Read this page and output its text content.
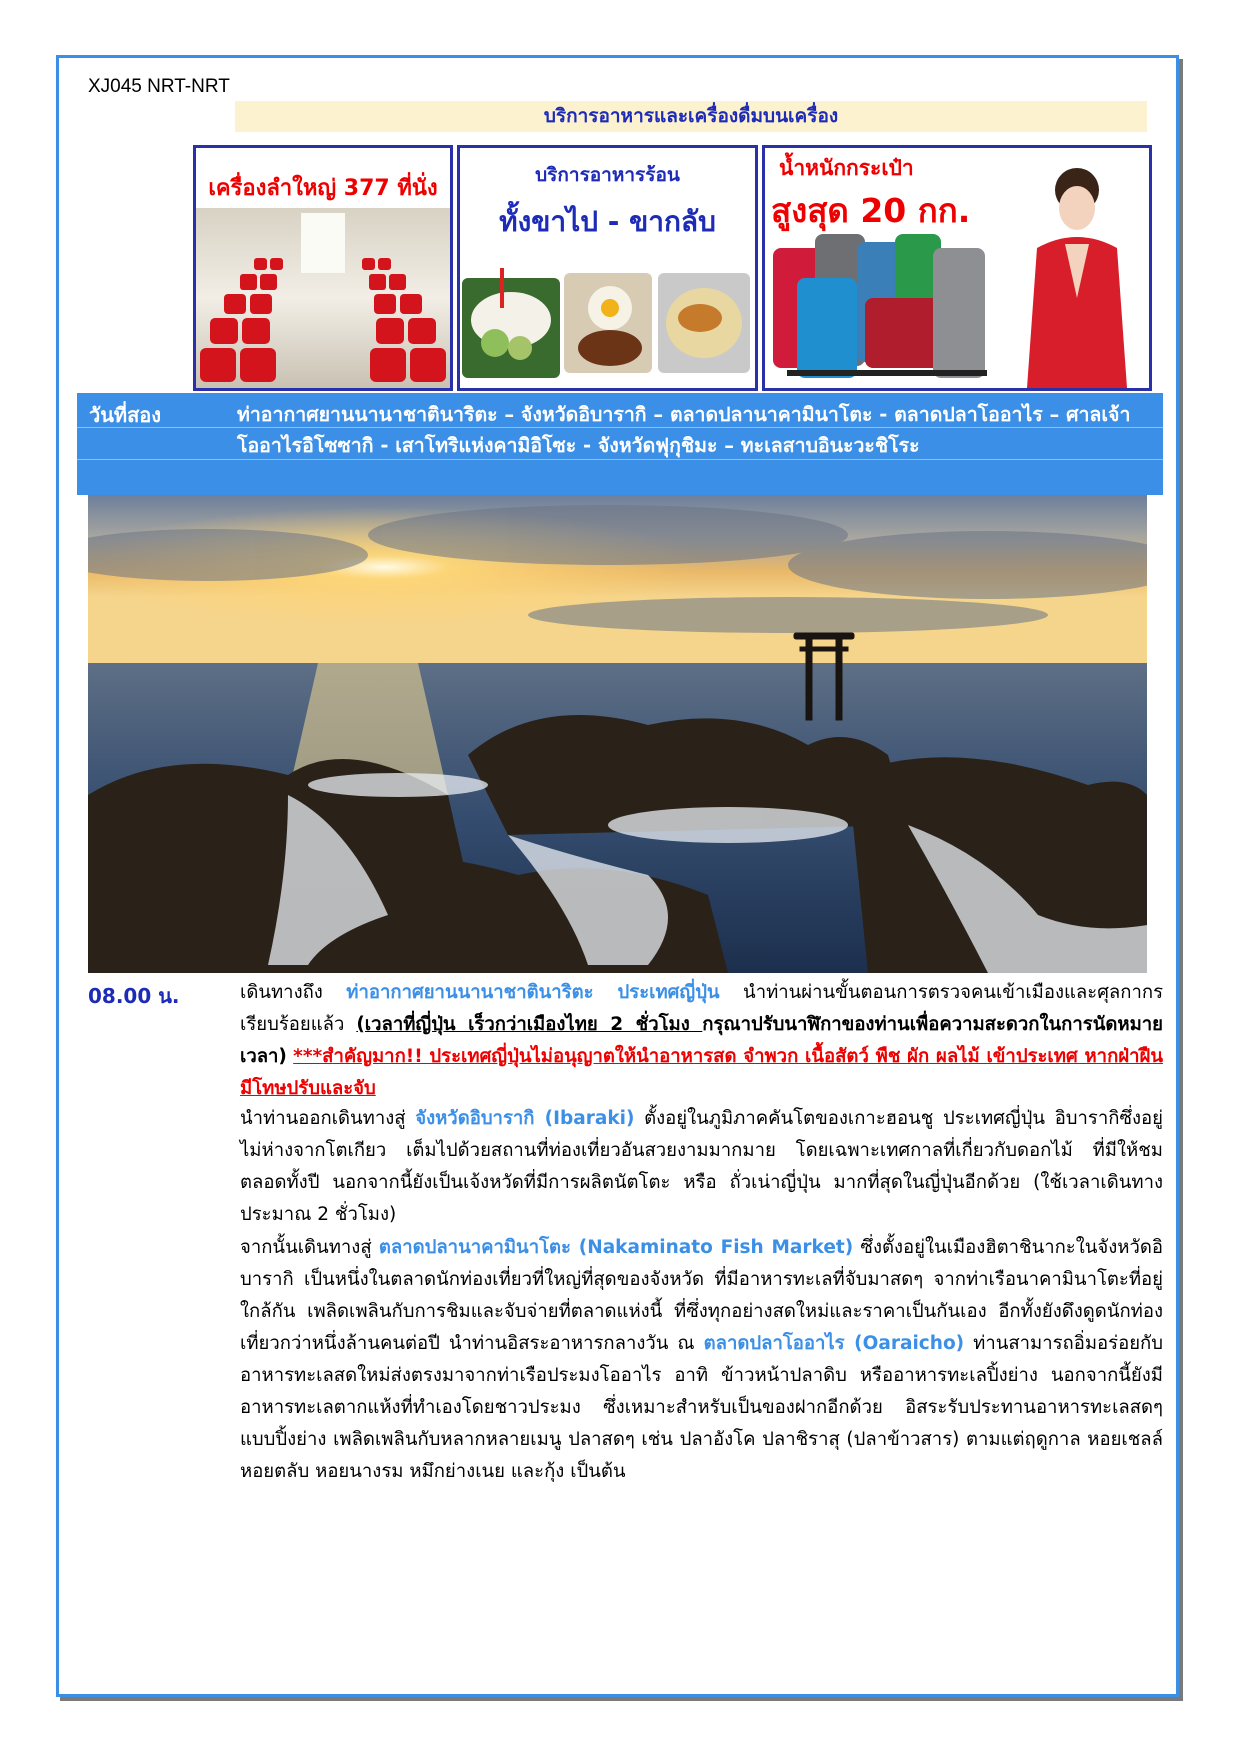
XJ045 NRT-NRT
บริการอาหารและเครื่องดื่มบนเครื่อง
เครื่องลำใหญ่ 377 ที่นั่ง
บริการอาหารร้อน
ทั้งขาไป - ขากลับ
น้ำหนักกระเป๋า
สูงสุด 20 กก.
วันที่สอง	ท่าอากาศยานนานาชาตินาริตะ – จังหวัดอิบารากิ – ตลาดปลานาคามินาโตะ - ตลาดปลาโออาไร – ศาลเจ้าโออาไรอิโซซากิ - เสาโทริแห่งคามิอิโซะ - จังหวัดฟุกุชิมะ – ทะเลสาบอินะวะชิโระ
08.00 น.	เดินทางถึง ท่าอากาศยานนานาชาตินาริตะ ประเทศญี่ปุ่น นำท่านผ่านขั้นตอนการตรวจคนเข้าเมืองและศุลกากร เรียบร้อยแล้ว (เวลาที่ญี่ปุ่น เร็วกว่าเมืองไทย 2 ชั่วโมง กรุณาปรับนาฬิกาของท่านเพื่อความสะดวกในการนัดหมายเวลา) ***สำคัญมาก!! ประเทศญี่ปุ่นไม่อนุญาตให้นำอาหารสด จำพวก เนื้อสัตว์ พืช ผัก ผลไม้ เข้าประเทศ หากฝ่าฝืนมีโทษปรับและจับ
นำท่านออกเดินทางสู่ จังหวัดอิบารากิ (Ibaraki) ตั้งอยู่ในภูมิภาคคันโตของเกาะฮอนชู ประเทศญี่ปุ่น อิบารากิซึ่งอยู่ไม่ห่างจากโตเกียว เต็มไปด้วยสถานที่ท่องเที่ยวอันสวยงามมากมาย โดยเฉพาะเทศกาลที่เกี่ยวกับดอกไม้ ที่มีให้ชมตลอดทั้งปี นอกจากนี้ยังเป็นเจ้งหวัดที่มีการผลิตนัตโตะ หรือ ถั่วเน่าญี่ปุ่น มากที่สุดในญี่ปุ่นอีกด้วย (ใช้เวลาเดินทางประมาณ 2 ชั่วโมง)
จากนั้นเดินทางสู่ ตลาดปลานาคามินาโตะ (Nakaminato Fish Market) ซึ่งตั้งอยู่ในเมืองฮิตาชินากะในจังหวัดอิบารากิ เป็นหนึ่งในตลาดนักท่องเที่ยวที่ใหญ่ที่สุดของจังหวัด ที่มีอาหารทะเลที่จับมาสดๆ จากท่าเรือนาคามินาโตะที่อยู่ใกล้กัน เพลิดเพลินกับการชิมและจับจ่ายที่ตลาดแห่งนี้ ที่ซึ่งทุกอย่างสดใหม่และราคาเป็นกันเอง อีกทั้งยังดึงดูดนักท่องเที่ยวกว่าหนึ่งล้านคนต่อปี นำท่านอิสระอาหารกลางวัน ณ ตลาดปลาโออาไร (Oaraicho) ท่านสามารถอิ่มอร่อยกับอาหารทะเลสดใหม่ส่งตรงมาจากท่าเรือประมงโออาไร อาทิ ข้าวหน้าปลาดิบ หรืออาหารทะเลปิ้งย่าง นอกจากนี้ยังมีอาหารทะเลตากแห้งที่ทำเองโดยชาวประมง ซึ่งเหมาะสำหรับเป็นของฝากอีกด้วย อิสระรับประทานอาหารทะเลสดๆ แบบปิ้งย่าง เพลิดเพลินกับหลากหลายเมนู ปลาสดๆ เช่น ปลาอังโค ปลาชิราสุ (ปลาข้าวสาร) ตามแต่ฤดูกาล หอยเชลล์ หอยตลับ หอยนางรม หมึกย่างเนย และกุ้ง เป็นต้น
